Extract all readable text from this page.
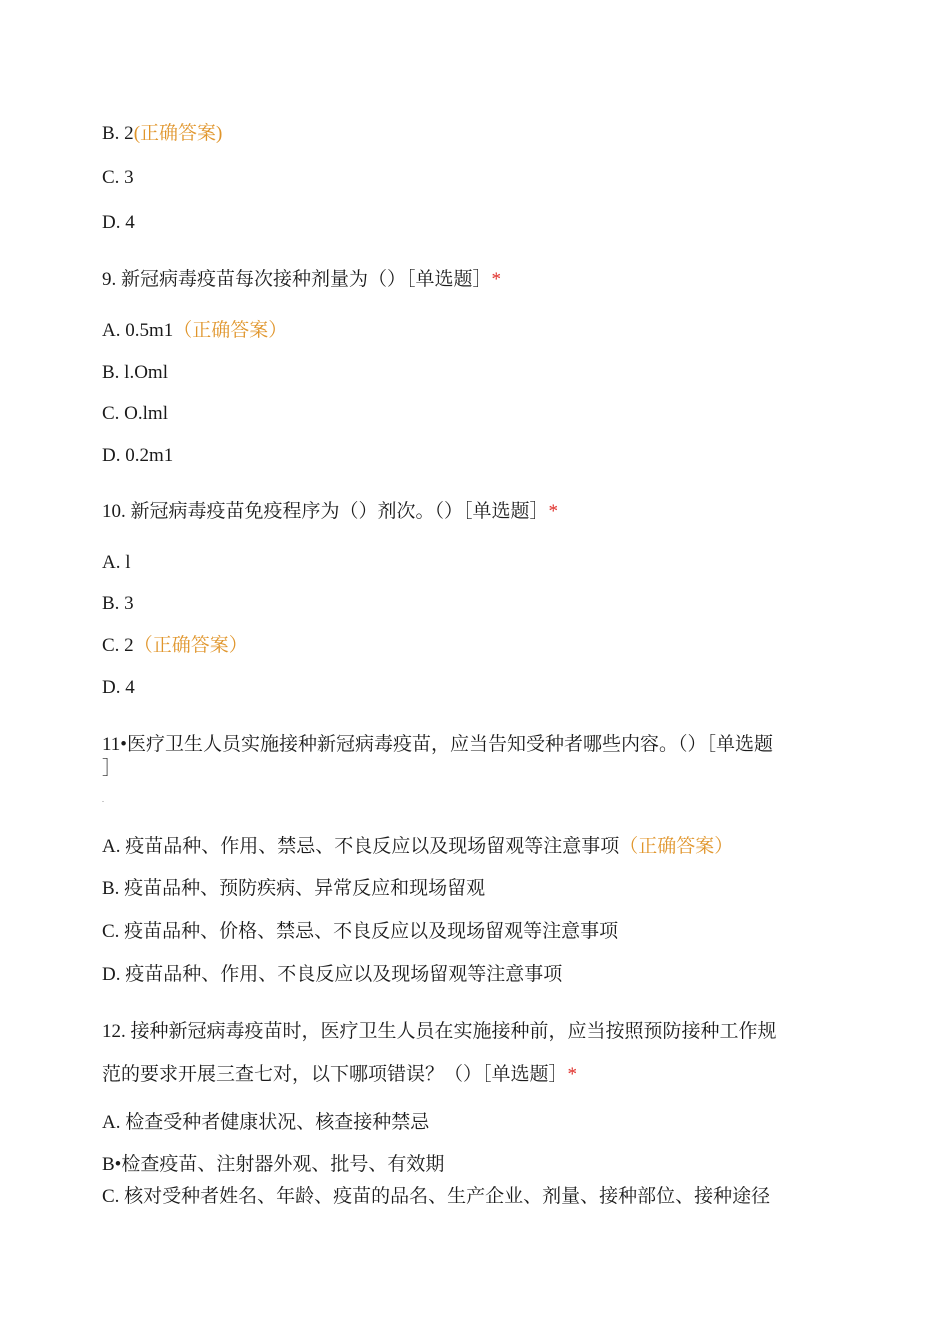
B. 2(正确答案)
C. 3
D. 4
9. 新冠病毒疫苗每次接种剂量为（）［单选题］*
A. 0.5m1（正确答案）
B. l.Oml
C. O.lml
D. 0.2m1
10. 新冠病毒疫苗免疫程序为（）剂次。（）［单选题］*
A. l
B. 3
C. 2（正确答案）
D. 4
11•医疗卫生人员实施接种新冠病毒疫苗，应当告知受种者哪些内容。（）［单选题
］
.
A. 疫苗品种、作用、禁忌、不良反应以及现场留观等注意事项（正确答案）
B. 疫苗品种、预防疾病、异常反应和现场留观
C. 疫苗品种、价格、禁忌、不良反应以及现场留观等注意事项
D. 疫苗品种、作用、不良反应以及现场留观等注意事项
12. 接种新冠病毒疫苗时，医疗卫生人员在实施接种前，应当按照预防接种工作规
范的要求开展三查七对，以下哪项错误？（）［单选题］*
A. 检查受种者健康状况、核查接种禁忌
B•检查疫苗、注射器外观、批号、有效期
C. 核对受种者姓名、年龄、疫苗的品名、生产企业、剂量、接种部位、接种途径
